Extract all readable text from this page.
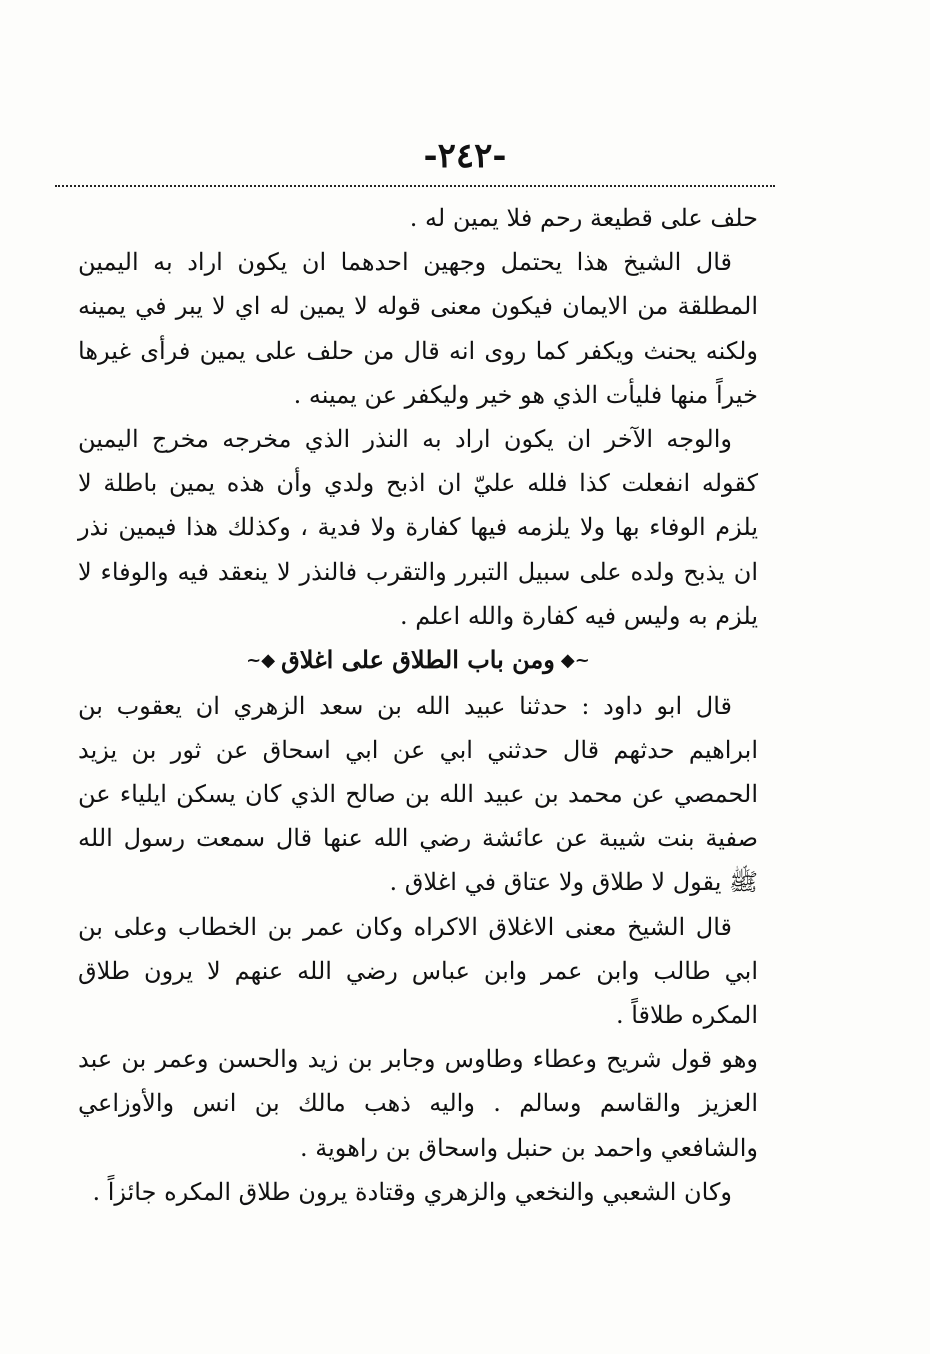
-٢٤٢-

حلف على قطيعة رحم فلا يمين له .

قال الشيخ هذا يحتمل وجهين احدهما ان يكون اراد به اليمين المطلقة من الايمان فيكون معنى قوله لا يمين له اي لا يبر في يمينه ولكنه يحنث ويكفر كما روى انه قال من حلف على يمين فرأى غيرها خيراً منها فليأت الذي هو خير وليكفر عن يمينه .

والوجه الآخر ان يكون اراد به النذر الذي مخرجه مخرج اليمين كقوله انفعلت كذا فلله عليّ ان اذبح ولدي وأن هذه يمين باطلة لا يلزم الوفاء بها ولا يلزمه فيها كفارة ولا فدية ، وكذلك هذا فيمين نذر ان يذبح ولده على سبيل التبرر والتقرب فالنذر لا ينعقد فيه والوفاء لا يلزم به وليس فيه كفارة والله اعلم .

~◆ومن باب الطلاق على اغلاق◆~

قال ابو داود : حدثنا عبيد الله بن سعد الزهري ان يعقوب بن ابراهيم حدثهم قال حدثني ابي عن ابي اسحاق عن ثور بن يزيد الحمصي عن محمد بن عبيد الله بن صالح الذي كان يسكن ايلياء عن صفية بنت شيبة عن عائشة رضي الله عنها قال سمعت رسول الله ﷺ يقول لا طلاق ولا عتاق في اغلاق .

قال الشيخ معنى الاغلاق الاكراه وكان عمر بن الخطاب وعلى بن ابي طالب وابن عمر وابن عباس رضي الله عنهم لا يرون طلاق المكره طلاقاً .

وهو قول شريح وعطاء وطاوس وجابر بن زيد والحسن وعمر بن عبد العزيز والقاسم وسالم . واليه ذهب مالك بن انس والأوزاعي والشافعي واحمد بن حنبل واسحاق بن راهوية .

وكان الشعبي والنخعي والزهري وقتادة يرون طلاق المكره جائزاً .
